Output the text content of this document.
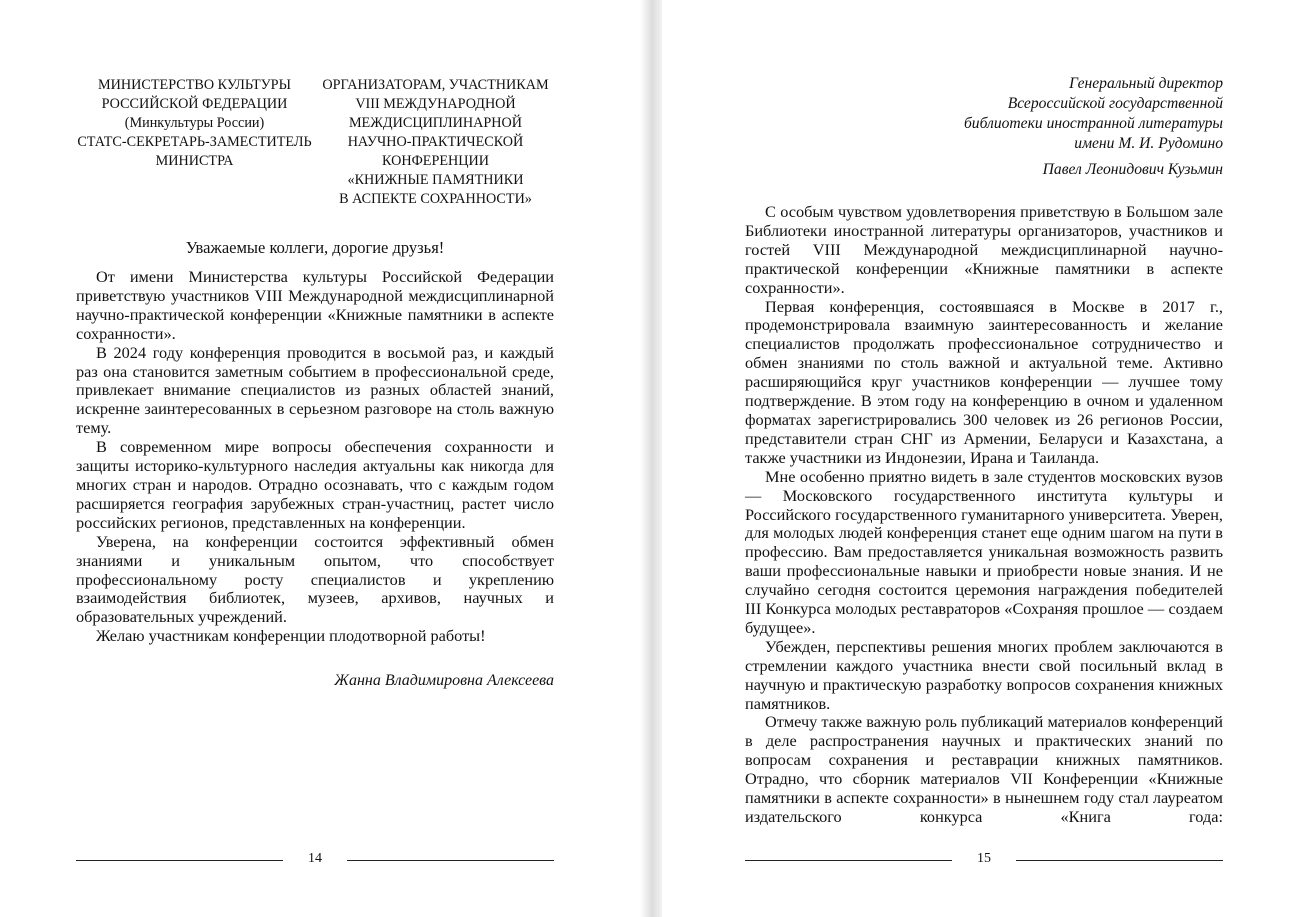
МИНИСТЕРСТВО КУЛЬТУРЫ
РОССИЙСКОЙ ФЕДЕРАЦИИ
(Минкультуры России)
СТАТС-СЕКРЕТАРЬ-ЗАМЕСТИТЕЛЬ
МИНИСТРА
ОРГАНИЗАТОРАМ, УЧАСТНИКАМ
VIII МЕЖДУНАРОДНОЙ
МЕЖДИСЦИПЛИНАРНОЙ
НАУЧНО-ПРАКТИЧЕСКОЙ
КОНФЕРЕНЦИИ
«КНИЖНЫЕ ПАМЯТНИКИ
В АСПЕКТЕ СОХРАННОСТИ»
Уважаемые коллеги, дорогие друзья!

От имени Министерства культуры Российской Федерации приветствую участников VIII Международной междисциплинарной научно-практической конференции «Книжные памятники в аспекте сохранности».

В 2024 году конференция проводится в восьмой раз, и каждый раз она становится заметным событием в профессиональной среде, привлекает внимание специалистов из разных областей знаний, искренне заинтересованных в серьезном разговоре на столь важную тему.

В современном мире вопросы обеспечения сохранности и защиты историко-культурного наследия актуальны как никогда для многих стран и народов. Отрадно осознавать, что с каждым годом расширяется география зарубежных стран-участниц, растет число российских регионов, представленных на конференции.

Уверена, на конференции состоится эффективный обмен знаниями и уникальным опытом, что способствует профессиональному росту специалистов и укреплению взаимодействия библиотек, музеев, архивов, научных и образовательных учреждений.

Желаю участникам конференции плодотворной работы!

Жанна Владимировна Алексеева
14
Генеральный директор
Всероссийской государственной
библиотеки иностранной литературы
имени М. И. Рудомино
Павел Леонидович Кузьмин

С особым чувством удовлетворения приветствую в Большом зале Библиотеки иностранной литературы организаторов, участников и гостей VIII Международной междисциплинарной научно-практической конференции «Книжные памятники в аспекте сохранности».

Первая конференция, состоявшаяся в Москве в 2017 г., продемонстрировала взаимную заинтересованность и желание специалистов продолжать профессиональное сотрудничество и обмен знаниями по столь важной и актуальной теме. Активно расширяющийся круг участников конференции — лучшее тому подтверждение. В этом году на конференцию в очном и удаленном форматах зарегистрировались 300 человек из 26 регионов России, представители стран СНГ из Армении, Беларуси и Казахстана, а также участники из Индонезии, Ирана и Таиланда.

Мне особенно приятно видеть в зале студентов московских вузов — Московского государственного института культуры и Российского государственного гуманитарного университета. Уверен, для молодых людей конференция станет еще одним шагом на пути в профессию. Вам предоставляется уникальная возможность развить ваши профессиональные навыки и приобрести новые знания. И не случайно сегодня состоится церемония награждения победителей III Конкурса молодых реставраторов «Сохраняя прошлое — создаем будущее».

Убежден, перспективы решения многих проблем заключаются в стремлении каждого участника внести свой посильный вклад в научную и практическую разработку вопросов сохранения книжных памятников.

Отмечу также важную роль публикаций материалов конференций в деле распространения научных и практических знаний по вопросам сохранения и реставрации книжных памятников. Отрадно, что сборник материалов VII Конференции «Книжные памятники в аспекте сохранности» в нынешнем году стал лауреатом издательского конкурса «Книга года:

15
